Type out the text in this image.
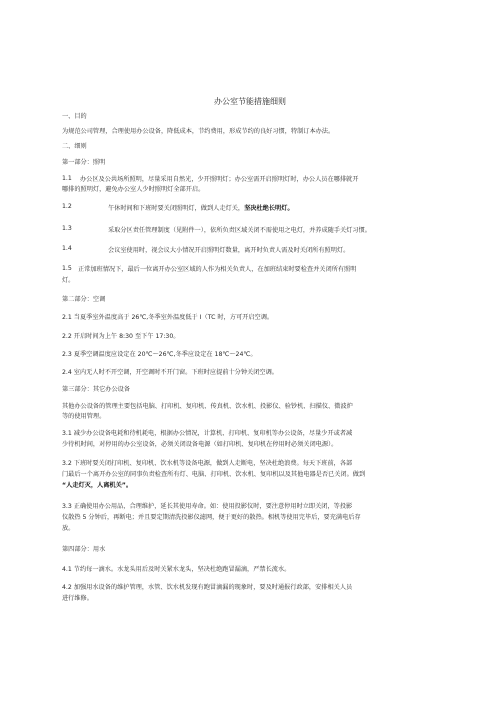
办公室节能措施细则
一、目的
为规范公司管理，合理使用办公设备，降低成本，节约费用，形成节约的良好习惯，特制订本办法。
二、细则
第一部分：照明
1.1 办公区及公共场所照明，尽量采用自然光，少开照明灯；办公室需开启照明灯时，办公人员在哪排就开
哪排的照明灯，避免办公室人少时照明灯全部开启。
1.2	午休时间和下班时要关闭照明灯，做到人走灯关，坚决杜绝长明灯。
1.3	采取分区责任管理制度（见附件一），依所负责区域关闭不需使用之电灯，并养成随手关灯习惯。
1.4	会议室使用时，视会议大小情况开启照明灯数量，离开时负责人需及时关闭所有照明灯。
1.5 正常加班情况下，最后一位离开办公室区域的人作为相关负责人，在加班结束时要检查并关闭所有照明
灯。
第二部分：空调
2.1 当夏季室外温度高于 26℃,冬季室外温度低于 I（TC 时，方可开启空调。
2.2 开启时间为上午 8:30 至下午 17:30。
2.3 夏季空调温度应设定在 20℃～26℃,冬季应设定在 18℃～24℃。
2.4 室内无人时不开空调，开空调时不开门窗。下班时应提前十分钟关闭空调。
第三部分：其它办公设备
其他办公设备的管理主要包括电脑、打印机、复印机、传真机、饮水机、投影仪、验钞机、扫描仪、微波炉
等的使用管理。
3.1 减少办公设备电耗和待机耗电，根据办公情况，计算机、打印机、复印机等办公设备，尽量少开或者减
少待机时间，对停用的办公室设备，必须关闭设备电源（如打印机、复印机在停用时必须关闭电源）。
3.2 下班时要关闭打印机、复印机、饮水机等设备电源，做到人走断电，坚决杜绝浪费。每天下班前，各部
门最后一个离开办公室的同事负责检查所有灯、电脑、打印机、饮水机、复印机以及其他电器是否已关闭。做到
“人走灯灭，人离机关”。
3.3 正确使用办公用品，合理维护，延长其使用寿命。如：使用投影仪时，要注意停用时立即关闭，等投影
仪散热 5 分钟后，再断电；并且要定期清洗投影仪滤网，便于更好的散热。相机等使用完毕后，要充满电后存
放。
第四部分：用水
4.1 节约每一滴水。水龙头用后及时关紧水龙头，坚决杜绝跑冒漏滴，严禁长流水。
4.2 加强用水设备的维护管理，水管、饮水机发现有跑冒滴漏的现象时，要及时通报行政部，安排相关人员
进行维修。
